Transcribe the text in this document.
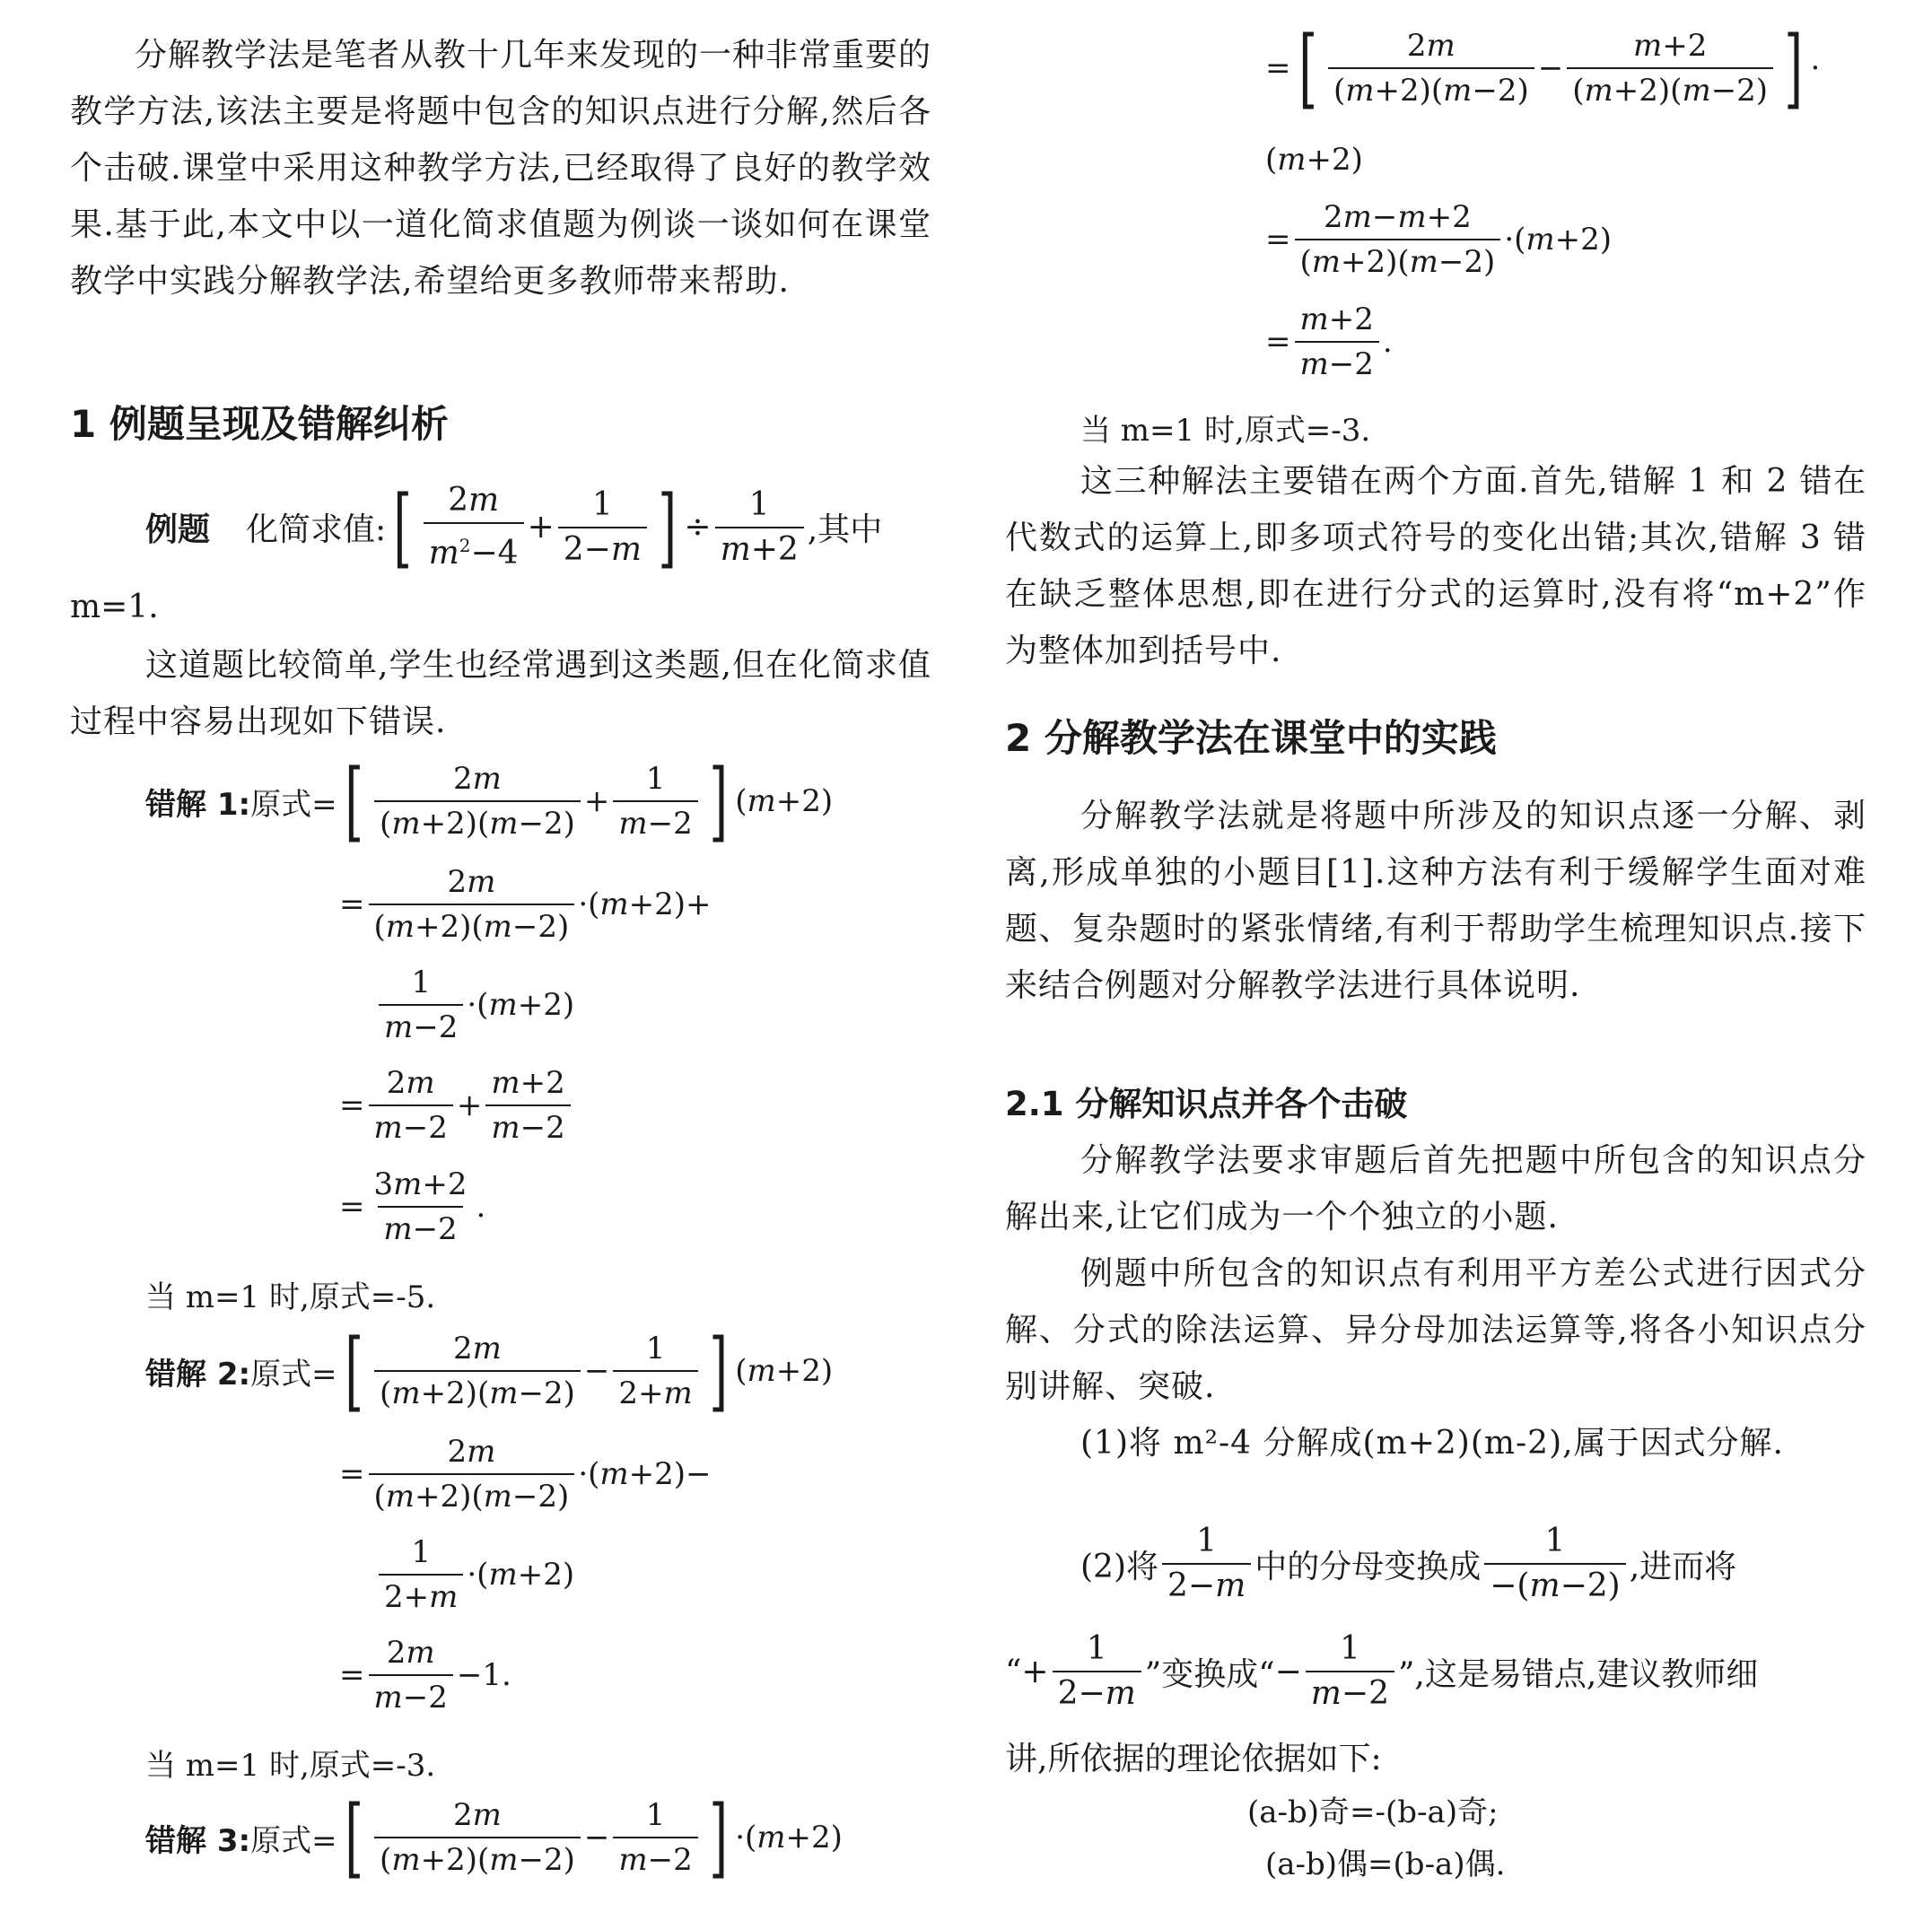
分解教学法是笔者从教十几年来发现的一种非常重要的教学方法,该法主要是将题中包含的知识点进行分解,然后各个击破.课堂中采用这种教学方法,已经取得了良好的教学效果.基于此,本文中以一道化简求值题为例谈一谈如何在课堂教学中实践分解教学法,希望给更多教师带来帮助.

1 例题呈现及错解纠析
例题 化简求值: [ $\frac{2m}{m^2-4} + \frac{1}{2-m}$ ] ÷ $\frac{1}{m+2}$ ,其中
m=1.

这道题比较简单,学生也经常遇到这类题,但在化简求值过程中容易出现如下错误.

错解 1: 原式= [ $\frac{2m}{(m+2)(m-2)} + \frac{1}{m-2}$ ] ( m +2)
= $\frac{2m}{(m+2)(m-2)}$ ·( m +2)+
$\frac{1}{m-2}$ ·( m +2)
= $\frac{2m}{m-2} + \frac{m+2}{m-2}$
= $\frac{3m+2}{m-2}$ .
当 m=1 时,原式=-5.
错解 2: 原式= [ $\frac{2m}{(m+2)(m-2)} - \frac{1}{2+m}$ ] ( m +2)
= $\frac{2m}{(m+2)(m-2)}$ ·( m +2)−
$\frac{1}{2+m}$ ·( m +2)
= $\frac{2m}{m-2} -1$.
当 m=1 时,原式=-3.
错解 3: 原式= [ $\frac{2m}{(m+2)(m-2)} - \frac{1}{m-2}$ ] ·( m +2)
= [ $\frac{2m}{(m+2)(m-2)} - \frac{m+2}{(m+2)(m-2)}$ ] ·
(m+2)
= $\frac{2m-m+2}{(m+2)(m-2)}$ ·( m +2)
= $\frac{m+2}{m-2}$ .
当 m=1 时,原式=-3.

这三种解法主要错在两个方面.首先,错解 1 和 2 错在代数式的运算上,即多项式符号的变化出错;其次,错解 3 错在缺乏整体思想,即在进行分式的运算时,没有将“m+2”作为整体加到括号中.

2 分解教学法在课堂中的实践

分解教学法就是将题中所涉及的知识点逐一分解、剥离,形成单独的小题目[1].这种方法有利于缓解学生面对难题、复杂题时的紧张情绪,有利于帮助学生梳理知识点.接下来结合例题对分解教学法进行具体说明.

2.1 分解知识点并各个击破

分解教学法要求审题后首先把题中所包含的知识点分解出来,让它们成为一个个独立的小题.

例题中所包含的知识点有利用平方差公式进行因式分解、分式的除法运算、异分母加法运算等,将各小知识点分别讲解、突破.

(1)将 m²-4 分解成(m+2)(m-2),属于因式分解.

(2)将 $\frac{1}{2-m}$ 中的分母变换成 $\frac{1}{-(m-2)}$ ,进而将
“+ $\frac{1}{2-m}$ ”变换成“ − $\frac{1}{m-2}$ ”,这是易错点,建议教师细
讲,所依据的理论依据如下:
(a-b)奇=-(b-a)奇;
(a-b)偶=(b-a)偶.
